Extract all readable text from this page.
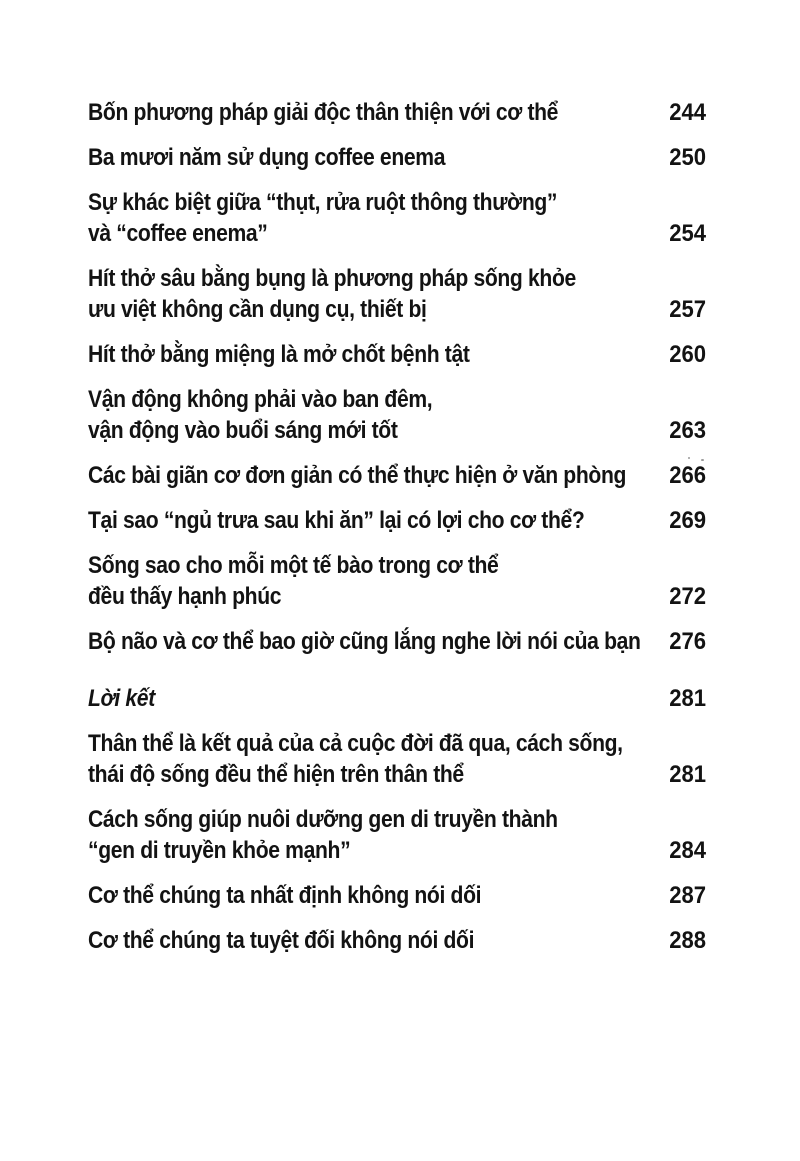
Bốn phương pháp giải độc thân thiện với cơ thể	244
Ba mươi năm sử dụng coffee enema	250
Sự khác biệt giữa “thụt, rửa ruột thông thường”
và “coffee enema”	254
Hít thở sâu bằng bụng là phương pháp sống khỏe
ưu việt không cần dụng cụ, thiết bị	257
Hít thở bằng miệng là mở chốt bệnh tật	260
Vận động không phải vào ban đêm,
vận động vào buổi sáng mới tốt	263
Các bài giãn cơ đơn giản có thể thực hiện ở văn phòng 266
Tại sao “ngủ trưa sau khi ăn” lại có lợi cho cơ thể?	269
Sống sao cho mỗi một tế bào trong cơ thể
đều thấy hạnh phúc	272
Bộ não và cơ thể bao giờ cũng lắng nghe lời nói của bạn 276
Lời kết	281
Thân thể là kết quả của cả cuộc đời đã qua, cách sống,
thái độ sống đều thể hiện trên thân thể	281
Cách sống giúp nuôi dưỡng gen di truyền thành
“gen di truyền khỏe mạnh”	284
Cơ thể chúng ta nhất định không nói dối	287
Cơ thể chúng ta tuyệt đối không nói dối	288
